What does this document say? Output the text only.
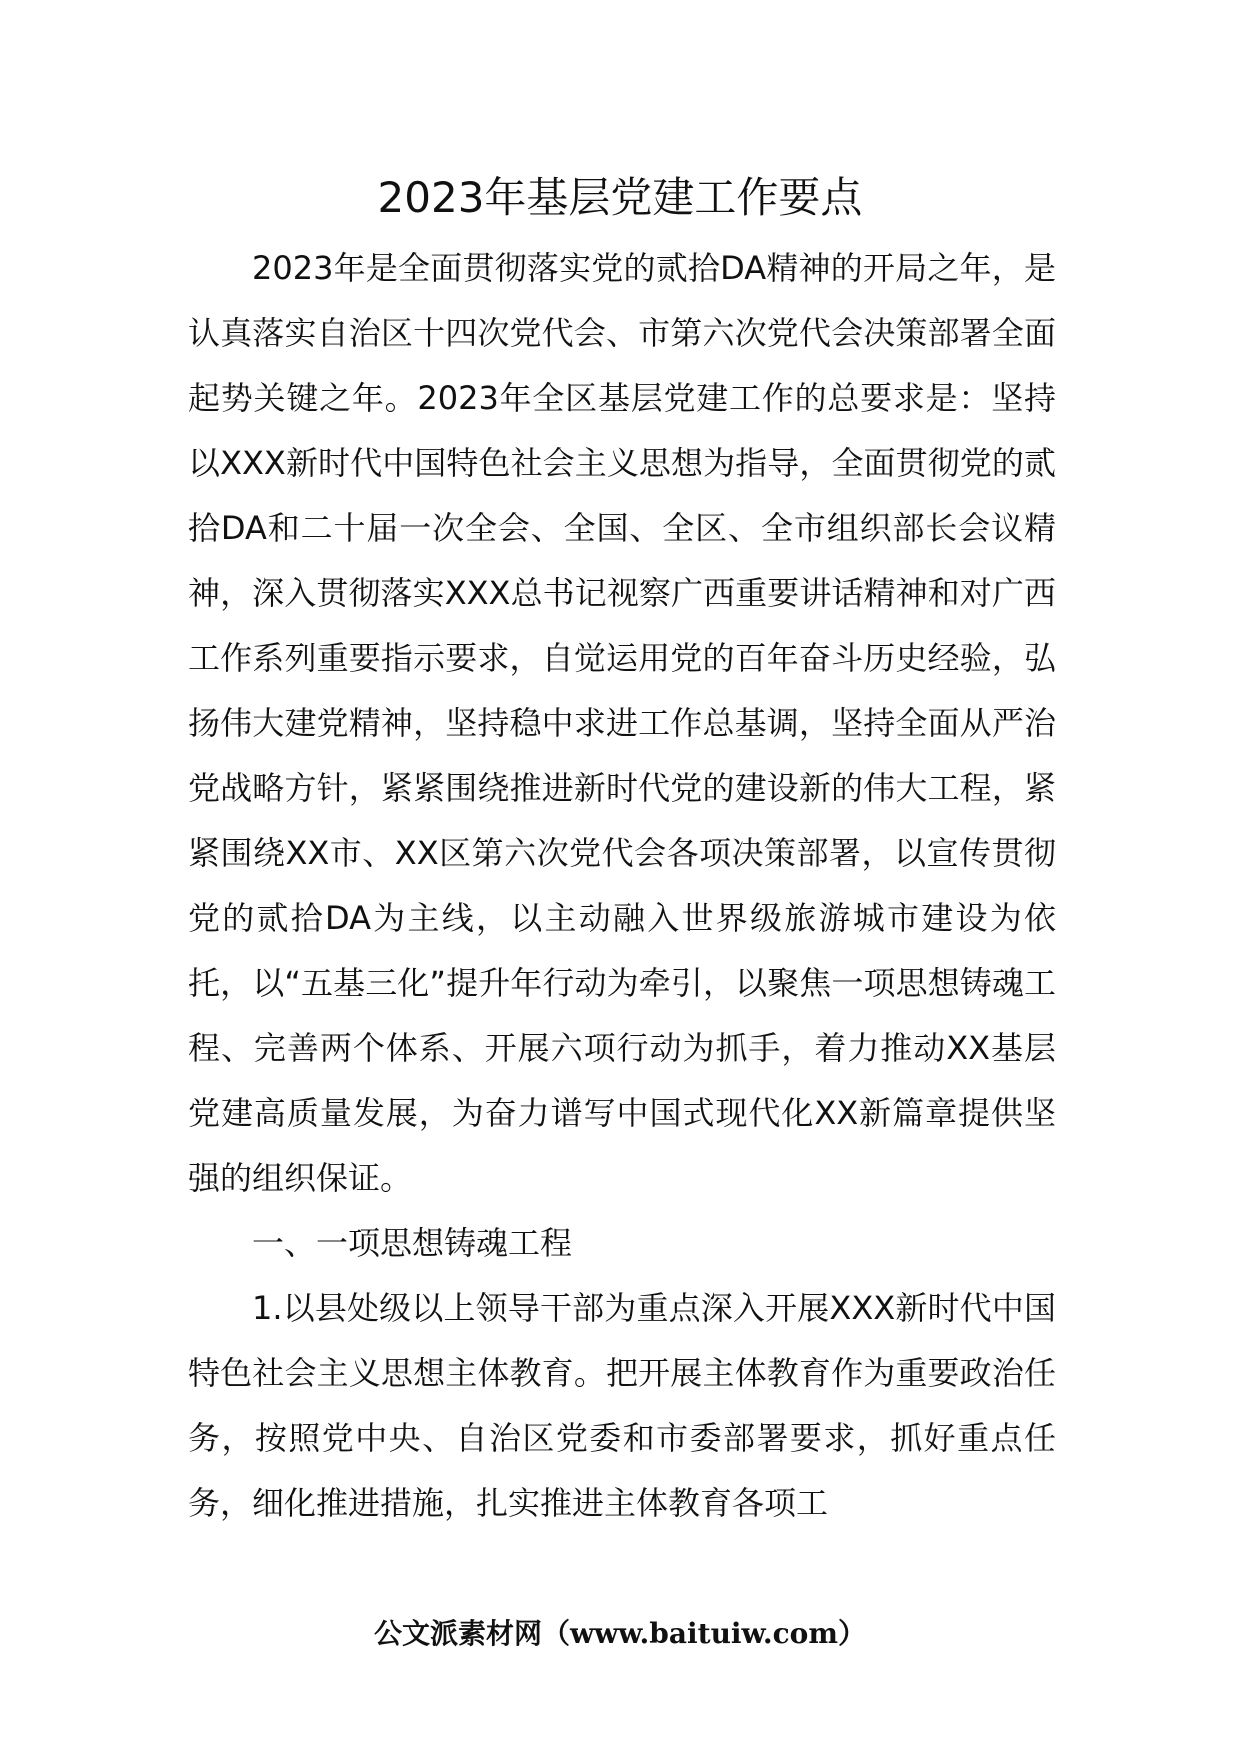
2023年基层党建工作要点

2023年是全面贯彻落实党的贰拾DA精神的开局之年，是认真落实自治区十四次党代会、市第六次党代会决策部署全面起势关键之年。2023年全区基层党建工作的总要求是：坚持以XXX新时代中国特色社会主义思想为指导，全面贯彻党的贰拾DA和二十届一次全会、全国、全区、全市组织部长会议精神，深入贯彻落实XXX总书记视察广西重要讲话精神和对广西工作系列重要指示要求，自觉运用党的百年奋斗历史经验，弘扬伟大建党精神，坚持稳中求进工作总基调，坚持全面从严治党战略方针，紧紧围绕推进新时代党的建设新的伟大工程，紧紧围绕XX市、XX区第六次党代会各项决策部署，以宣传贯彻党的贰拾DA为主线，以主动融入世界级旅游城市建设为依托，以“五基三化”提升年行动为牵引，以聚焦一项思想铸魂工程、完善两个体系、开展六项行动为抓手，着力推动XX基层党建高质量发展，为奋力谱写中国式现代化XX新篇章提供坚强的组织保证。

一、一项思想铸魂工程

1.以县处级以上领导干部为重点深入开展XXX新时代中国特色社会主义思想主体教育。把开展主体教育作为重要政治任务，按照党中央、自治区党委和市委部署要求，抓好重点任务，细化推进措施，扎实推进主体教育各项工

公文派素材网（www.baituiw.com）
